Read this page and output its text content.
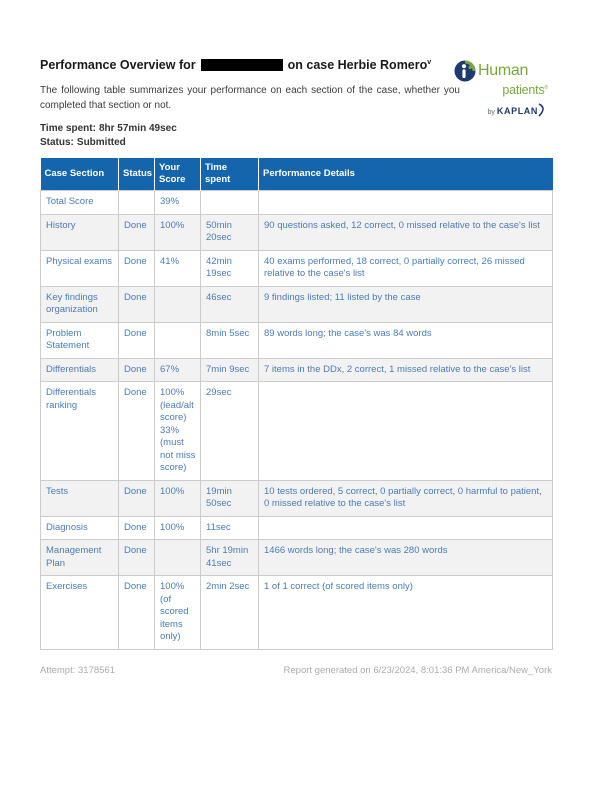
Performance Overview for	on case Herbie Romero$^v$	Human
patients®
by KAPLAN
The following table summarizes your performance on each section of the case, whether you completed that section or not.
Time spent: 8hr 57min 49sec
Status: Submitted
Case Section	Status	Your Score	Time spent	Performance Details
Total Score		39%		
History	Done	100%	50min 20sec	90 questions asked, 12 correct, 0 missed relative to the case's list
Physical exams	Done	41%	42min 19sec	40 exams performed, 18 correct, 0 partially correct, 26 missed relative to the case's list
Key findings organization	Done		46sec	9 findings listed; 11 listed by the case
Problem Statement	Done		8min 5sec	89 words long; the case's was 84 words
Differentials	Done	67%	7min 9sec	7 items in the DDx, 2 correct, 1 missed relative to the case's list
Differentials ranking	Done	100% (lead/alt score) 33% (must not miss score)	29sec	
Tests	Done	100%	19min 50sec	10 tests ordered, 5 correct, 0 partially correct, 0 harmful to patient, 0 missed relative to the case's list
Diagnosis	Done	100%	11sec	
Management Plan	Done		5hr 19min 41sec	1466 words long; the case's was 280 words
Exercises	Done	100% (of scored items only)	2min 2sec	1 of 1 correct (of scored items only)
Attempt: 3178561	Report generated on 6/23/2024, 8:01:36 PM America/New_York
